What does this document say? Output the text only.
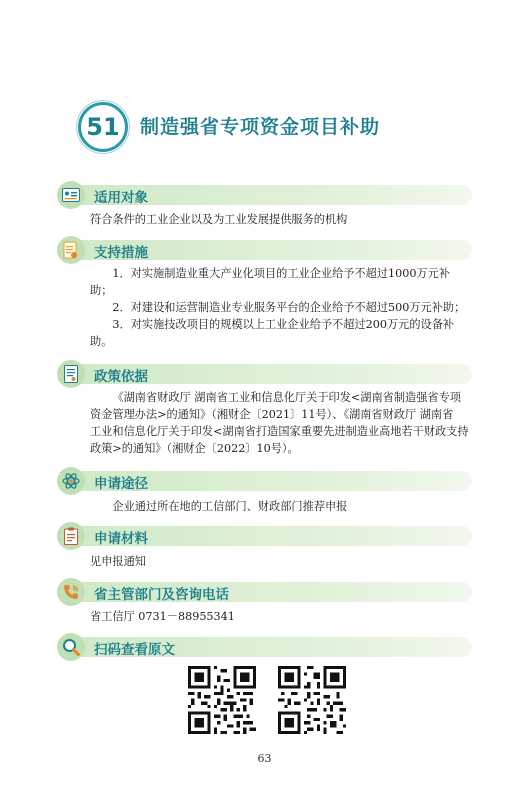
51	制造强省专项资金项目补助
适用对象

符合条件的工业企业以及为工业发展提供服务的机构

支持措施

1．对实施制造业重大产业化项目的工业企业给予不超过1000万元补

助；

2．对建设和运营制造业专业服务平台的企业给予不超过500万元补助；

3．对实施技改项目的规模以上工业企业给予不超过200万元的设备补

助。

政策依据

《湖南省财政厅 湖南省工业和信息化厅关于印发<湖南省制造强省专项

资金管理办法>的通知》（湘财企〔2021〕11号）、《湖南省财政厅 湖南省

工业和信息化厅关于印发<湖南省打造国家重要先进制造业高地若干财政支持

政策>的通知》（湘财企〔2022〕10号）。

申请途径

企业通过所在地的工信部门、财政部门推荐申报

申请材料

见申报通知

省主管部门及咨询电话

省工信厅 0731－88955341

扫码查看原文
63
